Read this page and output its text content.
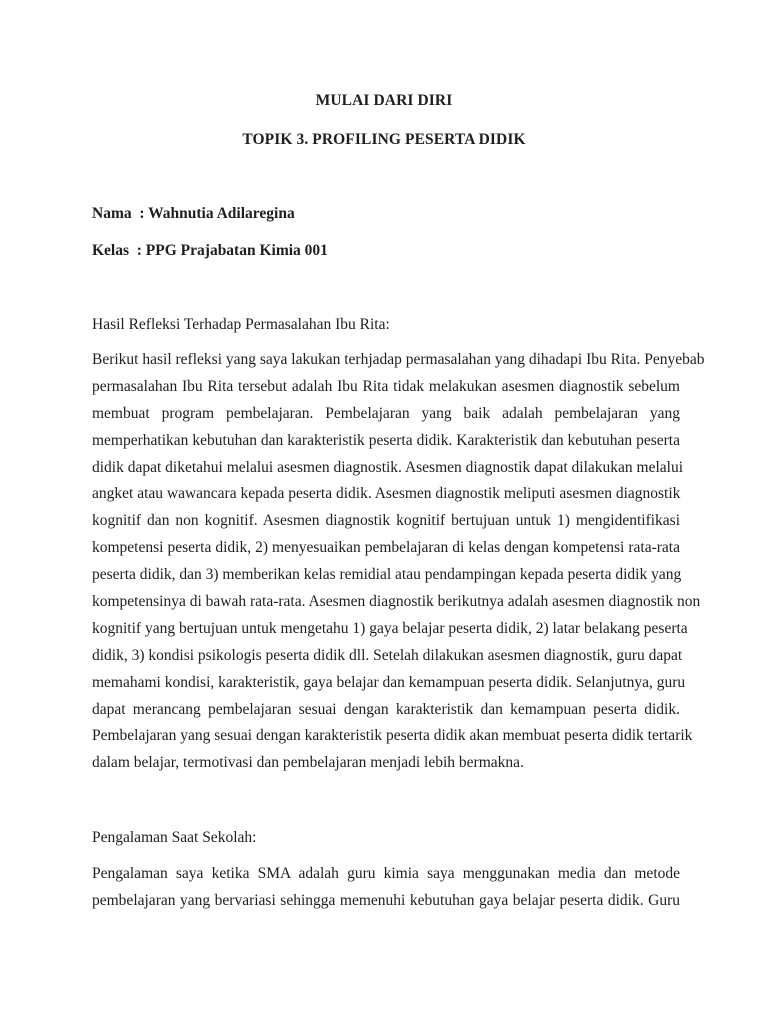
MULAI DARI DIRI
TOPIK 3. PROFILING PESERTA DIDIK
Nama  : Wahnutia Adilaregina
Kelas  : PPG Prajabatan Kimia 001
Hasil Refleksi Terhadap Permasalahan Ibu Rita:
Berikut hasil refleksi yang saya lakukan terhjadap permasalahan yang dihadapi Ibu Rita. Penyebab
permasalahan Ibu Rita tersebut adalah Ibu Rita tidak melakukan asesmen diagnostik sebelum
membuat program pembelajaran. Pembelajaran yang baik adalah pembelajaran yang
memperhatikan kebutuhan dan karakteristik peserta didik. Karakteristik dan kebutuhan peserta
didik dapat diketahui melalui asesmen diagnostik. Asesmen diagnostik dapat dilakukan melalui
angket atau wawancara kepada peserta didik. Asesmen diagnostik meliputi asesmen diagnostik
kognitif dan non kognitif. Asesmen diagnostik kognitif bertujuan untuk 1) mengidentifikasi
kompetensi peserta didik, 2) menyesuaikan pembelajaran di kelas dengan kompetensi rata-rata
peserta didik, dan 3) memberikan kelas remidial atau pendampingan kepada peserta didik yang
kompetensinya di bawah rata-rata. Asesmen diagnostik berikutnya adalah asesmen diagnostik non
kognitif yang bertujuan untuk mengetahu 1) gaya belajar peserta didik, 2) latar belakang peserta
didik, 3) kondisi psikologis peserta didik dll. Setelah dilakukan asesmen diagnostik, guru dapat
memahami kondisi, karakteristik, gaya belajar dan kemampuan peserta didik. Selanjutnya, guru
dapat merancang pembelajaran sesuai dengan karakteristik dan kemampuan peserta didik.
Pembelajaran yang sesuai dengan karakteristik peserta didik akan membuat peserta didik tertarik
dalam belajar, termotivasi dan pembelajaran menjadi lebih bermakna.
Pengalaman Saat Sekolah:
Pengalaman saya ketika SMA adalah guru kimia saya menggunakan media dan metode
pembelajaran yang bervariasi sehingga memenuhi kebutuhan gaya belajar peserta didik. Guru
